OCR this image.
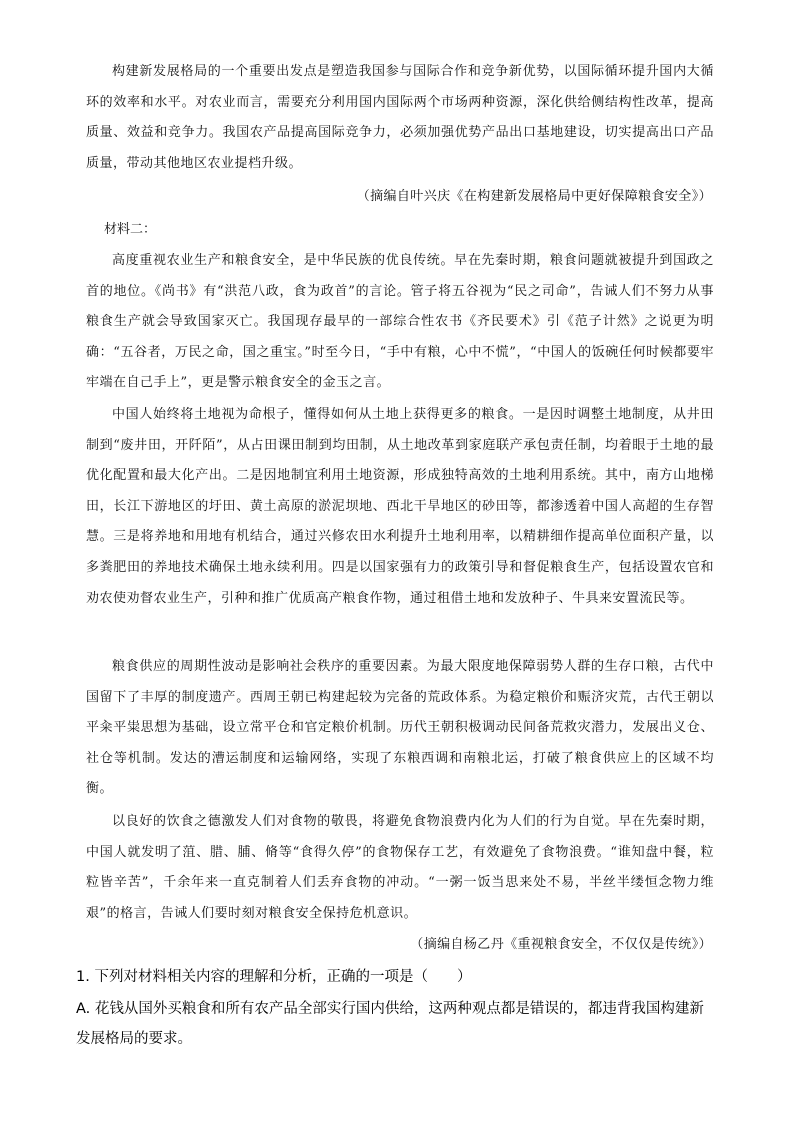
构建新发展格局的一个重要出发点是塑造我国参与国际合作和竞争新优势，以国际循环提升国内大循环的效率和水平。对农业而言，需要充分利用国内国际两个市场两种资源，深化供给侧结构性改革，提高质量、效益和竞争力。我国农产品提高国际竞争力，必须加强优势产品出口基地建设，切实提高出口产品质量，带动其他地区农业提档升级。

（摘编自叶兴庆《在构建新发展格局中更好保障粮食安全》）

材料二：

高度重视农业生产和粮食安全，是中华民族的优良传统。早在先秦时期，粮食问题就被提升到国政之首的地位。《尚书》有“洪范八政，食为政首”的言论。管子将五谷视为“民之司命”，告诫人们不努力从事粮食生产就会导致国家灭亡。我国现存最早的一部综合性农书《齐民要术》引《范子计然》之说更为明确：“五谷者，万民之命，国之重宝。”时至今日，“手中有粮，心中不慌”，“中国人的饭碗任何时候都要牢牢端在自己手上”，更是警示粮食安全的金玉之言。

中国人始终将土地视为命根子，懂得如何从土地上获得更多的粮食。一是因时调整土地制度，从井田制到“废井田，开阡陌”，从占田课田制到均田制，从土地改革到家庭联产承包责任制，均着眼于土地的最优化配置和最大化产出。二是因地制宜利用土地资源，形成独特高效的土地利用系统。其中，南方山地梯田，长江下游地区的圩田、黄土高原的淤泥坝地、西北干旱地区的砂田等，都渗透着中国人高超的生存智慧。三是将养地和用地有机结合，通过兴修农田水利提升土地利用率，以精耕细作提高单位面积产量，以多粪肥田的养地技术确保土地永续利用。四是以国家强有力的政策引导和督促粮食生产，包括设置农官和劝农使劝督农业生产，引种和推广优质高产粮食作物，通过租借土地和发放种子、牛具来安置流民等。

粮食供应的周期性波动是影响社会秩序的重要因素。为最大限度地保障弱势人群的生存口粮，古代中国留下了丰厚的制度遗产。西周王朝已构建起较为完备的荒政体系。为稳定粮价和赈济灾荒，古代王朝以平籴平粜思想为基础，设立常平仓和官定粮价机制。历代王朝积极调动民间备荒救灾潜力，发展出义仓、社仓等机制。发达的漕运制度和运输网络，实现了东粮西调和南粮北运，打破了粮食供应上的区域不均衡。

以良好的饮食之德激发人们对食物的敬畏，将避免食物浪费内化为人们的行为自觉。早在先秦时期，中国人就发明了菹、腊、脯、脩等“食得久停”的食物保存工艺，有效避免了食物浪费。“谁知盘中餐，粒粒皆辛苦”，千余年来一直克制着人们丢弃食物的冲动。“一粥一饭当思来处不易，半丝半缕恒念物力维艰”的格言，告诫人们要时刻对粮食安全保持危机意识。

（摘编自杨乙丹《重视粮食安全，不仅仅是传统》）

1. 下列对材料相关内容的理解和分析，正确的一项是（　　）

A. 花钱从国外买粮食和所有农产品全部实行国内供给，这两种观点都是错误的，都违背我国构建新发展格局的要求。
